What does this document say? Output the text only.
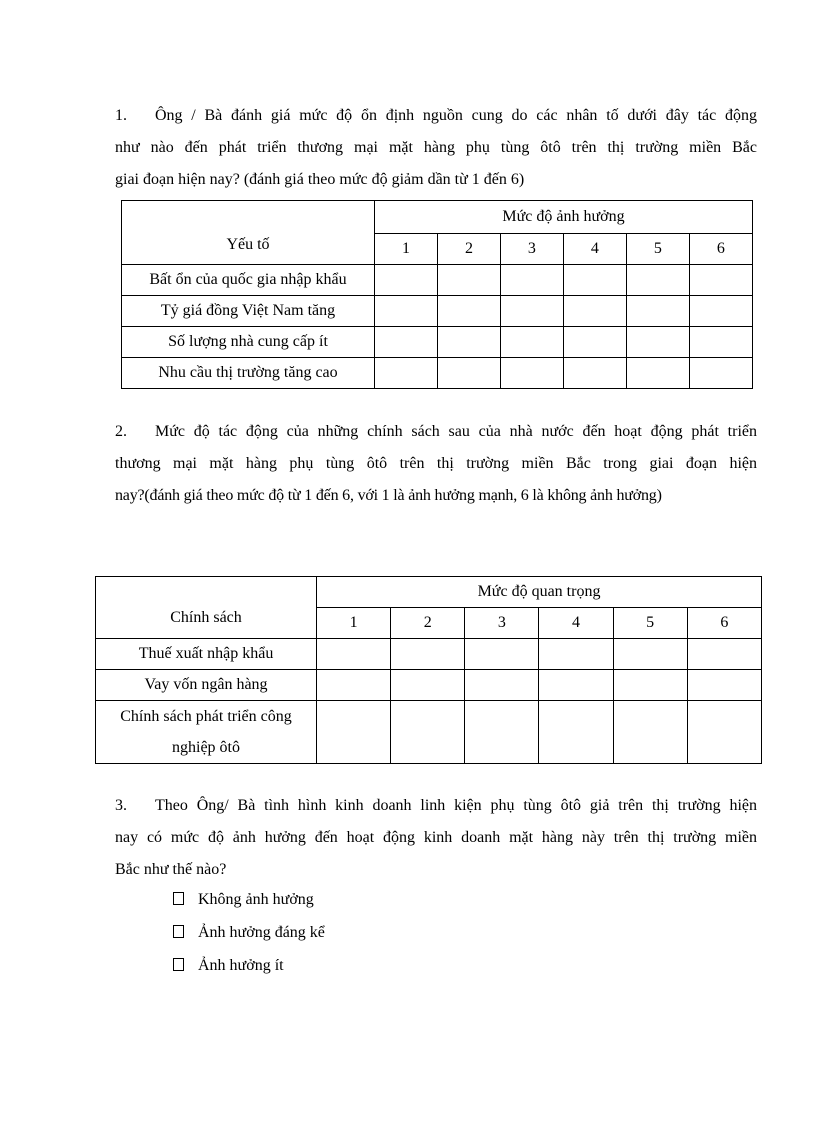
1. Ông / Bà đánh giá mức độ ổn định nguồn cung do các nhân tố dưới đây tác động
như nào đến phát triển thương mại mặt hàng phụ tùng ôtô trên thị trường miền Bắc
giai đoạn hiện nay? (đánh giá theo mức độ giảm dần từ 1 đến 6)
Yếu tố	Mức độ ảnh hưởng					
	1	2	3	4	5	6
Bất ổn của quốc gia nhập khẩu						
Tỷ giá đồng Việt Nam tăng						
Số lượng nhà cung cấp ít						
Nhu cầu thị trường tăng cao						
2. Mức độ tác động của những chính sách sau của nhà nước đến hoạt động phát triển
thương mại mặt hàng phụ tùng ôtô trên thị trường miền Bắc trong giai đoạn hiện
nay?(đánh giá theo mức độ từ 1 đến 6, với 1 là ảnh hưởng mạnh, 6 là không ảnh hưởng)
Chính sách	Mức độ quan trọng					
	1	2	3	4	5	6
Thuế xuất nhập khẩu						
Vay vốn ngân hàng						
Chính sách phát triển công
nghiệp ôtô						
3. Theo Ông/ Bà tình hình kinh doanh linh kiện phụ tùng ôtô giả trên thị trường hiện
nay có mức độ ảnh hưởng đến hoạt động kinh doanh mặt hàng này trên thị trường miền
Bắc như thế nào?
Không ảnh hưởng
Ảnh hưởng đáng kể
Ảnh hưởng ít
